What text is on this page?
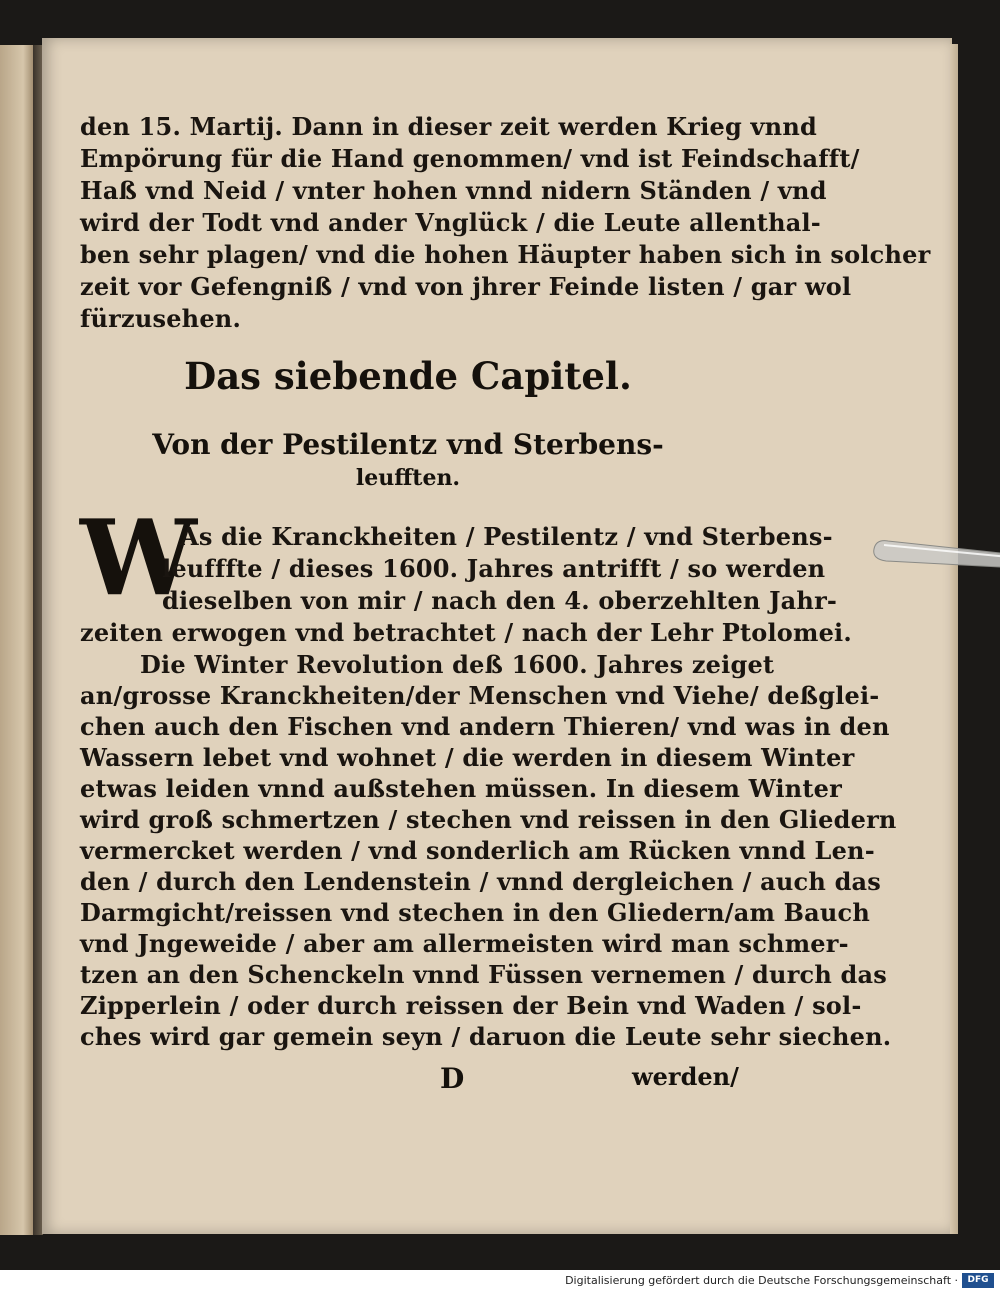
den 15. Martij. Dann in dieser zeit werden Krieg vnnd
Empörung für die Hand genommen/ vnd ist Feindschafft/
Haß vnd Neid / vnter hohen vnnd nidern Ständen / vnd
wird der Todt vnd ander Vnglück / die Leute allenthal-
ben sehr plagen/ vnd die hohen Häupter haben sich in solcher
zeit vor Gefengniß / vnd von jhrer Feinde listen / gar wol
fürzusehen.
Das siebende Capitel.
Von der Pestilentz vnd Sterbens-
leufften.
W
As die Kranckheiten / Pestilentz / vnd Sterbens-
leufffte / dieses 1600. Jahres antrifft / so werden
dieselben von mir / nach den 4. oberzehlten Jahr-
zeiten erwogen vnd betrachtet / nach der Lehr Ptolomei.
Die Winter Revolution deß 1600. Jahres zeiget
an/grosse Kranckheiten/der Menschen vnd Viehe/ deßglei-
chen auch den Fischen vnd andern Thieren/ vnd was in den
Wassern lebet vnd wohnet / die werden in diesem Winter
etwas leiden vnnd außstehen müssen. In diesem Winter
wird groß schmertzen / stechen vnd reissen in den Gliedern
vermercket werden / vnd sonderlich am Rücken vnnd Len-
den / durch den Lendenstein / vnnd dergleichen / auch das
Darmgicht/reissen vnd stechen in den Gliedern/am Bauch
vnd Jngeweide / aber am allermeisten wird man schmer-
tzen an den Schenckeln vnnd Füssen vernemen / durch das
Zipperlein / oder durch reissen der Bein vnd Waden / sol-
ches wird gar gemein seyn / daruon die Leute sehr siechen.
D	werden/
Digitalisierung gefördert durch die Deutsche Forschungsgemeinschaft ·	DFG
